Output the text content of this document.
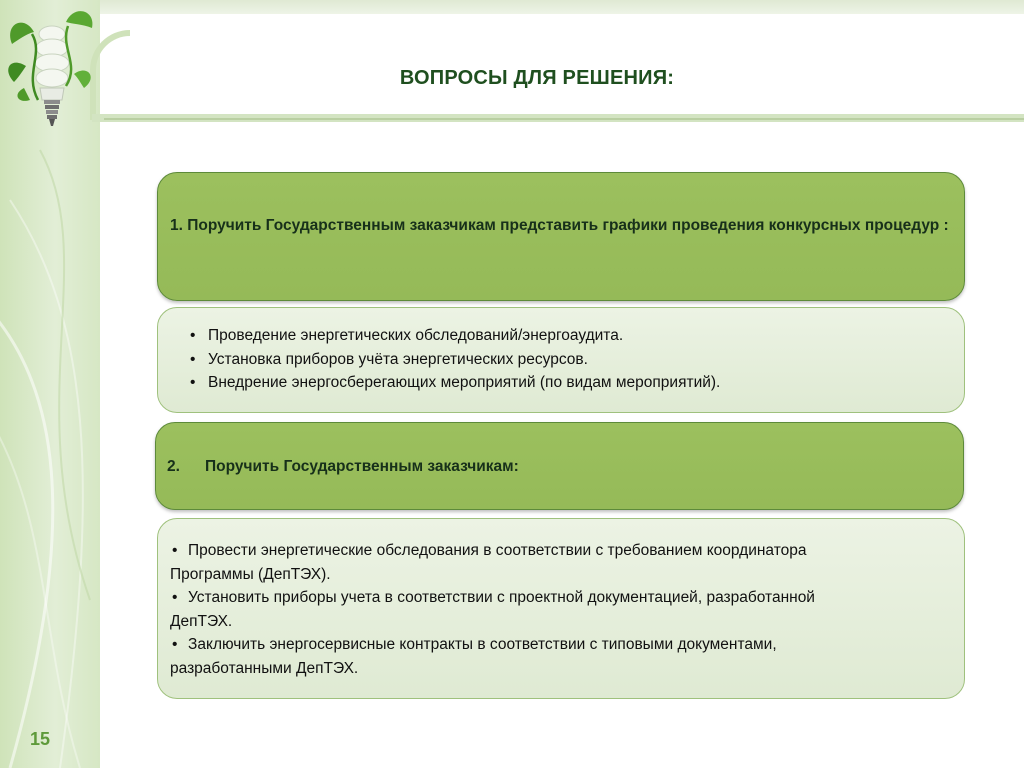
ВОПРОСЫ ДЛЯ РЕШЕНИЯ:
1. Поручить Государственным заказчикам представить графики проведения конкурсных процедур :
• Проведение энергетических обследований/энергоаудита.
• Установка приборов учёта энергетических ресурсов.
• Внедрение энергосберегающих мероприятий (по видам мероприятий).
2. Поручить Государственным заказчикам:
• Провести энергетические обследования в соответствии с требованием координатора Программы (ДепТЭХ).
• Установить приборы учета в соответствии с проектной документацией, разработанной ДепТЭХ.
• Заключить энергосервисные контракты в соответствии с типовыми документами, разработанными ДепТЭХ.
15
